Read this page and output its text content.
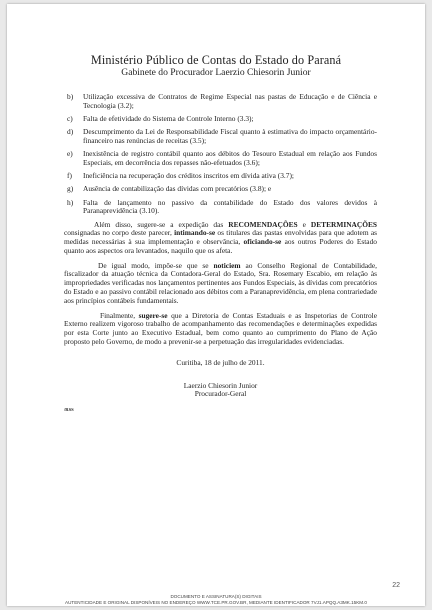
Ministério Público de Contas do Estado do Paraná
Gabinete do Procurador Laerzio Chiesorin Junior
b)	Utilização excessiva de Contratos de Regime Especial nas pastas de Educação e de Ciência e Tecnologia (3.2);
c)	Falta de efetividade do Sistema de Controle Interno (3.3);
d)	Descumprimento da Lei de Responsabilidade Fiscal quanto à estimativa do impacto orçamentário-financeiro nas renúncias de receitas (3.5);
e)	Inexistência de registro contábil quanto aos débitos do Tesouro Estadual em relação aos Fundos Especiais, em decorrência dos repasses não-efetuados (3.6);
f)	Ineficiência na recuperação dos créditos inscritos em dívida ativa (3.7);
g)	Ausência de contabilização das dívidas com precatórios (3.8); e
h)	Falta de lançamento no passivo da contabilidade do Estado dos valores devidos à Paranaprevidência (3.10).

Além disso, sugere-se a expedição das RECOMENDAÇÕES e DETERMINAÇÕES consignadas no corpo deste parecer, intimando-se os titulares das pastas envolvidas para que adotem as medidas necessárias à sua implementação e observância, oficiando-se aos outros Poderes do Estado quanto aos aspectos ora levantados, naquilo que os afeta.

De igual modo, impõe-se que se noticiem ao Conselho Regional de Contabilidade, fiscalizador da atuação técnica da Contadora-Geral do Estado, Sra. Rosemary Escabio, em relação às impropriedades verificadas nos lançamentos pertinentes aos Fundos Especiais, às dívidas com precatórios do Estado e ao passivo contábil relacionado aos débitos com a Paranaprevidência, em plena contrariedade aos princípios contábeis fundamentais.

Finalmente, sugere-se que a Diretoria de Contas Estaduais e as Inspetorias de Controle Externo realizem vigoroso trabalho de acompanhamento das recomendações e determinações expedidas por esta Corte junto ao Executivo Estadual, bem como quanto ao cumprimento do Plano de Ação proposto pelo Governo, de modo a prevenir-se a perpetuação das irregularidades evidenciadas.

Curitiba, 18 de julho de 2011.
Laerzio Chiesorin Junior
Procurador-Geral
/RSS
22
DOCUMENTO E ASSINATURA(S) DIGITAIS
AUTENTICIDADE E ORIGINAL DISPONÍVEIS NO ENDEREÇO WWW.TCE.PR.GOV.BR, MEDIANTE IDENTIFICADOR 7VJ1.APQQ.A3MK.15KM.0
